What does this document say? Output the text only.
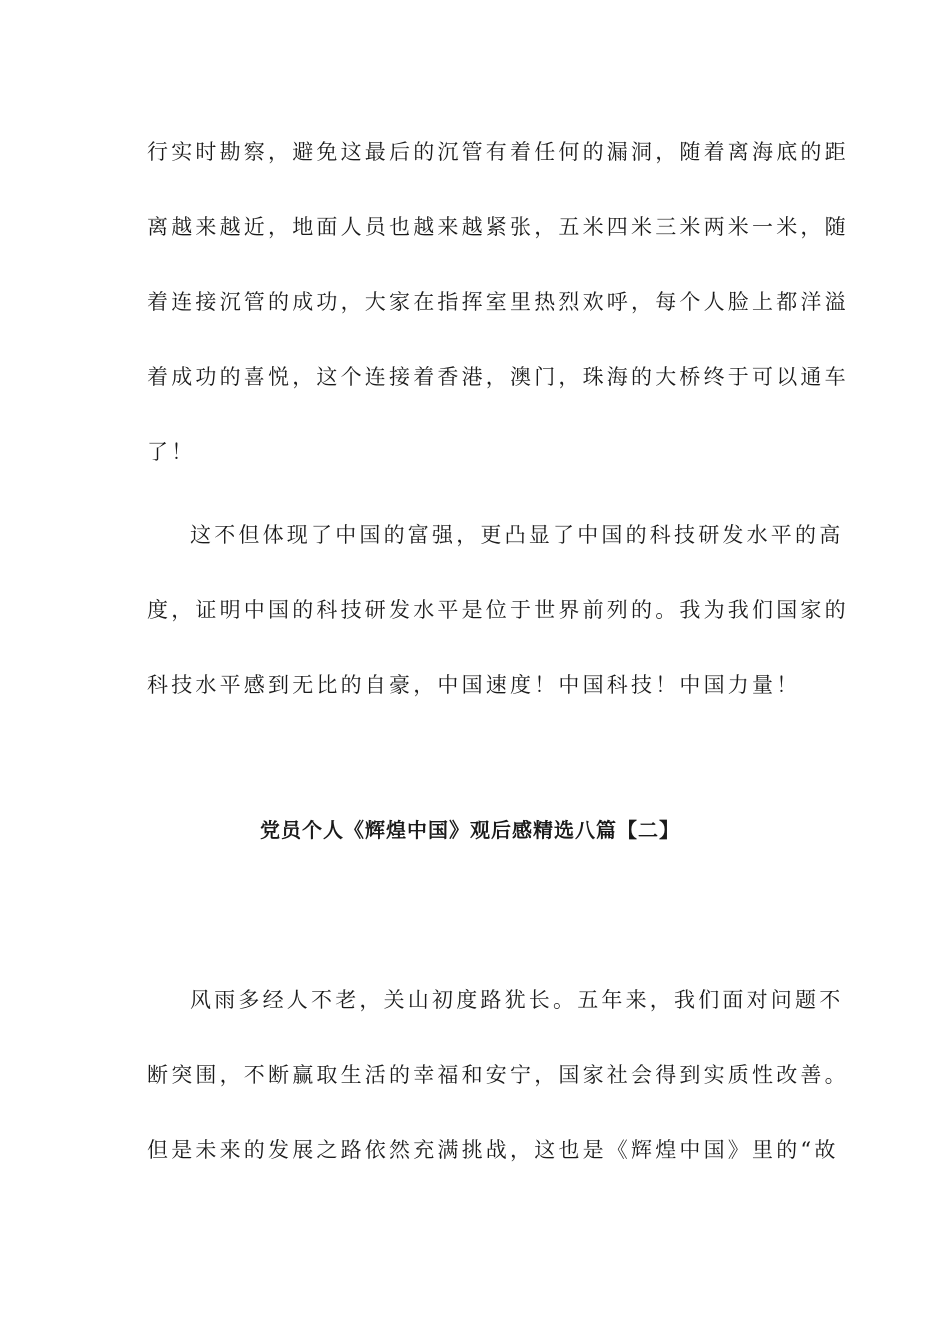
行实时勘察，避免这最后的沉管有着任何的漏洞，随着离海底的距
离越来越近，地面人员也越来越紧张，五米四米三米两米一米，随
着连接沉管的成功，大家在指挥室里热烈欢呼，每个人脸上都洋溢
着成功的喜悦，这个连接着香港，澳门，珠海的大桥终于可以通车
了！
这不但体现了中国的富强，更凸显了中国的科技研发水平的高
度，证明中国的科技研发水平是位于世界前列的。我为我们国家的
科技水平感到无比的自豪，中国速度！中国科技！中国力量！
党员个人《辉煌中国》观后感精选八篇【二】
风雨多经人不老，关山初度路犹长。五年来，我们面对问题不
断突围，不断赢取生活的幸福和安宁，国家社会得到实质性改善。
但是未来的发展之路依然充满挑战，这也是《辉煌中国》里的“故
